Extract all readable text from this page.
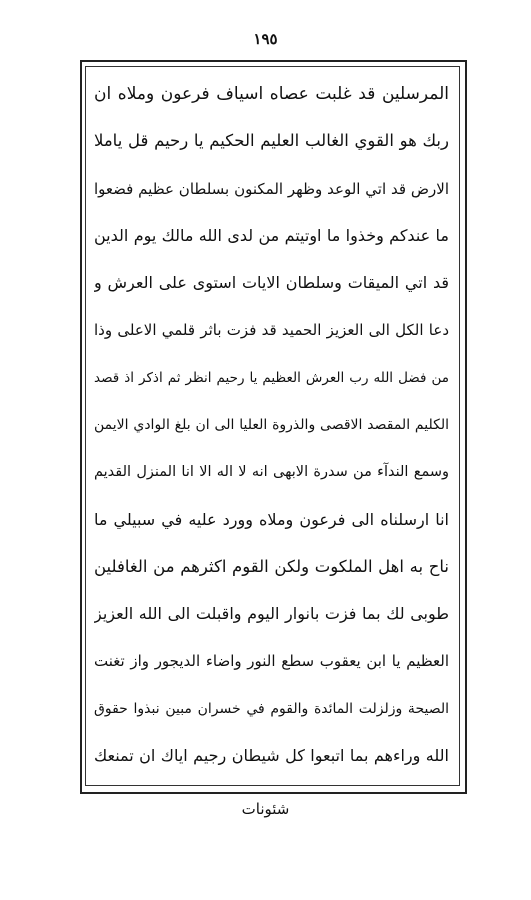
١٩٥
المرسلين قد غلبت عصاه اسياف فرعون وملاه ان
ربك هو القوي الغالب العليم الحكيم يا رحيم قل ياملا
الارض قد اتي الوعد وظهر المكنون بسلطان عظيم فضعوا
ما عندكم وخذوا ما اوتيتم من لدى الله مالك يوم الدين
قد اتي الميقات وسلطان الايات استوى على العرش و
دعا الكل الى العزيز الحميد قد فزت باثر قلمي الاعلى وذا
من فضل الله رب العرش العظيم يا رحيم انظر ثم اذكر اذ قصد
الكليم المقصد الاقصى والذروة العليا الى ان بلغ الوادي الايمن
وسمع الندآء من سدرة الابهى انه لا اله الا انا المنزل القديم
انا ارسلناه الى فرعون وملاه وورد عليه في سبيلي ما
ناح به اهل الملكوت ولكن القوم اكثرهم من الغافلين
طوبى لك بما فزت بانوار اليوم واقبلت الى الله العزيز
العظيم يا ابن يعقوب سطع النور واضاء الديجور واز تغنت
الصيحة وزلزلت المائدة والقوم في خسران مبين نبذوا حقوق
الله وراءهم بما اتبعوا كل شيطان رجيم اياك ان تمنعك
شئونات
